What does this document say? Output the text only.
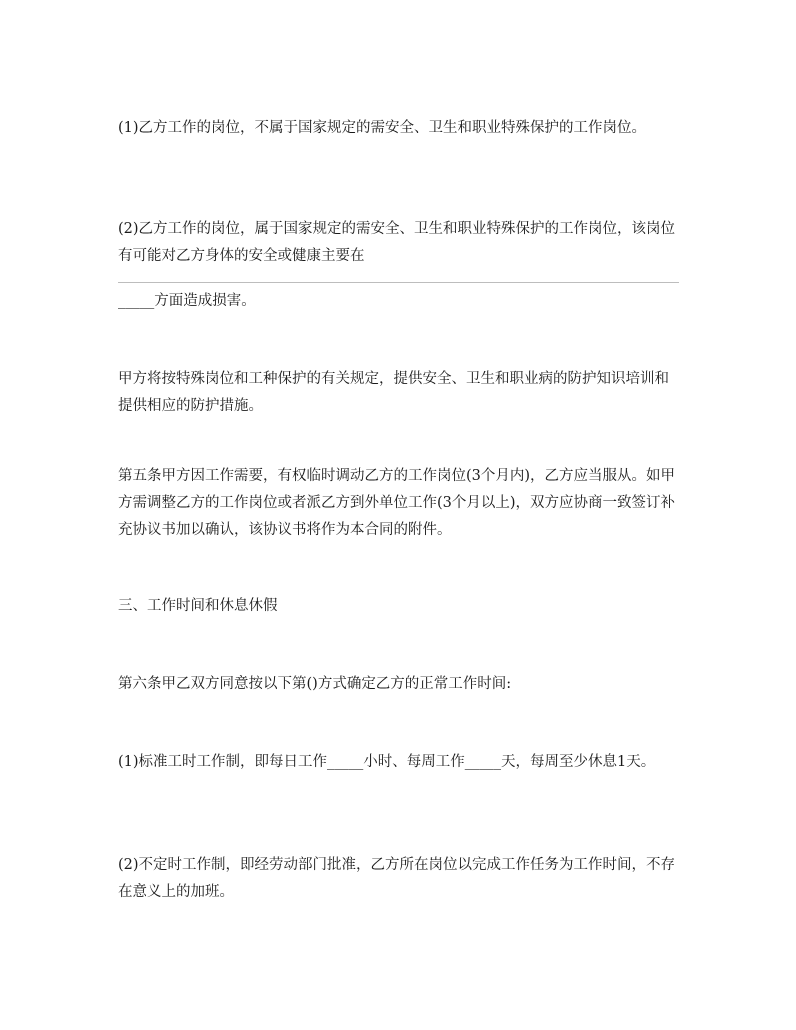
(1)乙方工作的岗位，不属于国家规定的需安全、卫生和职业特殊保护的工作岗位。

(2)乙方工作的岗位，属于国家规定的需安全、卫生和职业特殊保护的工作岗位，该岗位有可能对乙方身体的安全或健康主要在

_____方面造成损害。

甲方将按特殊岗位和工种保护的有关规定，提供安全、卫生和职业病的防护知识培训和提供相应的防护措施。

第五条甲方因工作需要，有权临时调动乙方的工作岗位(3个月内)，乙方应当服从。如甲方需调整乙方的工作岗位或者派乙方到外单位工作(3个月以上)，双方应协商一致签订补充协议书加以确认，该协议书将作为本合同的附件。

三、工作时间和休息休假

第六条甲乙双方同意按以下第()方式确定乙方的正常工作时间:

(1)标准工时工作制，即每日工作_____小时、每周工作_____天，每周至少休息1天。

(2)不定时工作制，即经劳动部门批准，乙方所在岗位以完成工作任务为工作时间，不存在意义上的加班。
